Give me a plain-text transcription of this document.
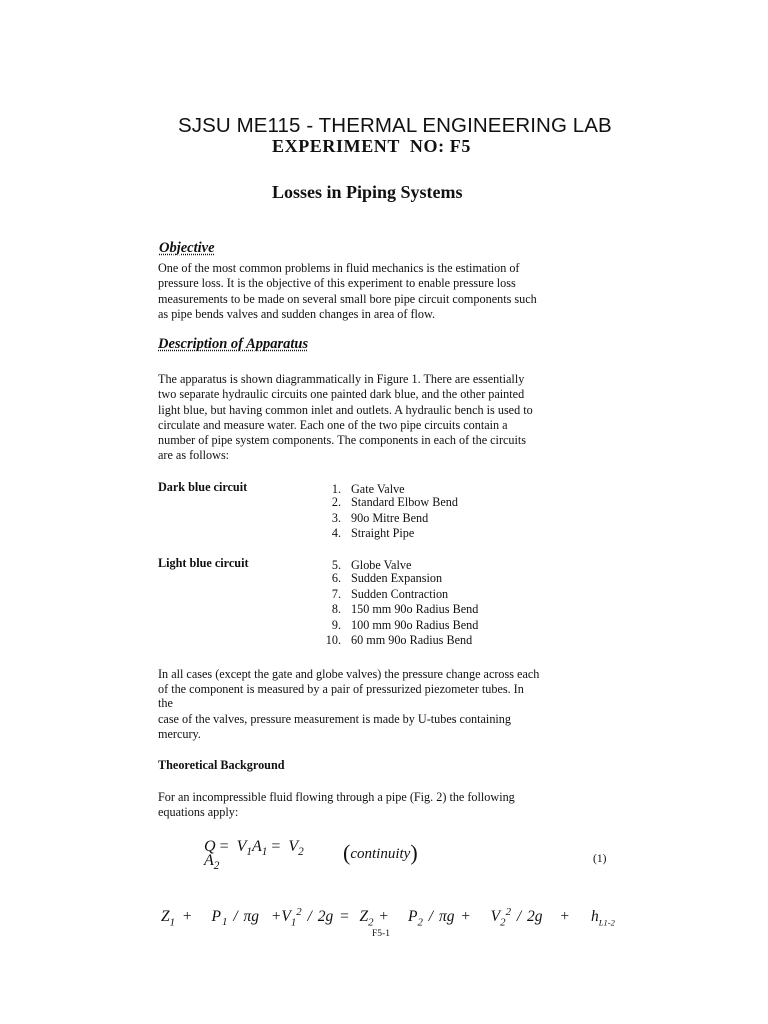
SJSU ME115 - THERMAL ENGINEERING LAB
EXPERIMENT  NO: F5
Losses in Piping Systems
Objective

One of the most common problems in fluid mechanics is the estimation of

pressure loss. It is the objective of this experiment to enable pressure loss

measurements to be made on several small bore pipe circuit components such

as pipe bends valves and sudden changes in area of flow.

Description of Apparatus

The apparatus is shown diagrammatically in Figure 1. There are essentially

two separate hydraulic circuits one painted dark blue, and the other painted

light blue, but having common inlet and outlets. A hydraulic bench is used to

circulate and measure water. Each one of the two pipe circuits contain a

number of pipe system components. The components in each of the circuits

are as follows:

Dark blue circuit	1. Gate Valve
2. Standard Elbow Bend
3. 90o Mitre Bend
4. Straight Pipe
Light blue circuit	5. Globe Valve
6. Sudden Expansion
7. Sudden Contraction
8. 150 mm 90o Radius Bend
9. 100 mm 90o Radius Bend
10. 60 mm 90o Radius Bend

In all cases (except the gate and globe valves) the pressure change across each

of the component is measured by a pair of pressurized piezometer tubes. In

the

case of the valves, pressure measurement is made by U-tubes containing

mercury.

Theoretical Background

For an incompressible fluid flowing through a pipe (Fig. 2) the following

equations apply:

$Q = V_1A_1 = V_2$
$A_2$
(continuity)	(1)
$Z_1 + P_1 / \pi g +V_1^2 / 2g = Z_2 + P_2 / \pi g + V_2^2 / 2g + h_{L1-2}$
F5-1
